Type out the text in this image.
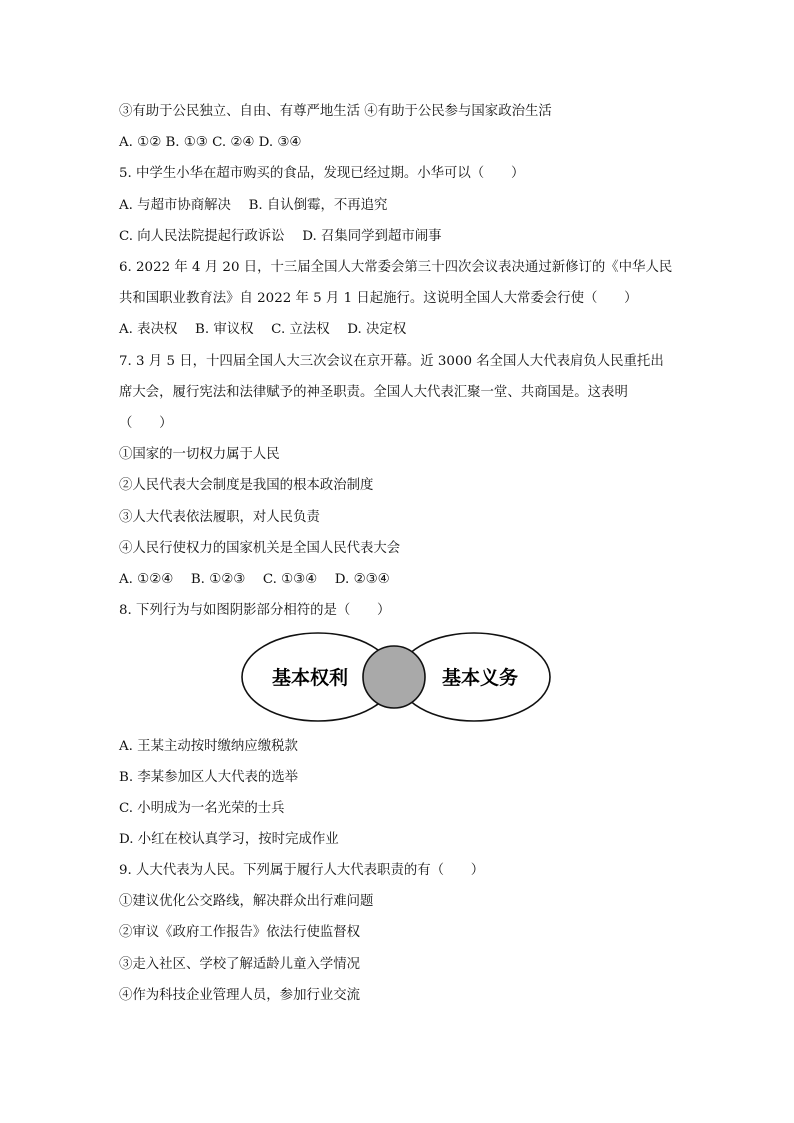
③有助于公民独立、自由、有尊严地生活 ④有助于公民参与国家政治生活
A. ①② B. ①③ C. ②④ D. ③④
5. 中学生小华在超市购买的食品，发现已经过期。小华可以（　　）
A. 与超市协商解决　 B. 自认倒霉，不再追究
C. 向人民法院提起行政诉讼　 D. 召集同学到超市闹事
6. 2022 年 4 月 20 日，十三届全国人大常委会第三十四次会议表决通过新修订的《中华人民
共和国职业教育法》自 2022 年 5 月 1 日起施行。这说明全国人大常委会行使（　　）
A. 表决权　 B. 审议权　 C. 立法权　 D. 决定权
7. 3 月 5 日，十四届全国人大三次会议在京开幕。近 3000 名全国人大代表肩负人民重托出
席大会，履行宪法和法律赋予的神圣职责。全国人大代表汇聚一堂、共商国是。这表明
（　　）
①国家的一切权力属于人民
②人民代表大会制度是我国的根本政治制度
③人大代表依法履职，对人民负责
④人民行使权力的国家机关是全国人民代表大会
A. ①②④　 B. ①②③　 C. ①③④　 D. ②③④
8. 下列行为与如图阴影部分相符的是（　　）
基本权利	基本义务
A. 王某主动按时缴纳应缴税款
B. 李某参加区人大代表的选举
C. 小明成为一名光荣的士兵
D. 小红在校认真学习，按时完成作业
9. 人大代表为人民。下列属于履行人大代表职责的有（　　）
①建议优化公交路线，解决群众出行难问题
②审议《政府工作报告》依法行使监督权
③走入社区、学校了解适龄儿童入学情况
④作为科技企业管理人员，参加行业交流
